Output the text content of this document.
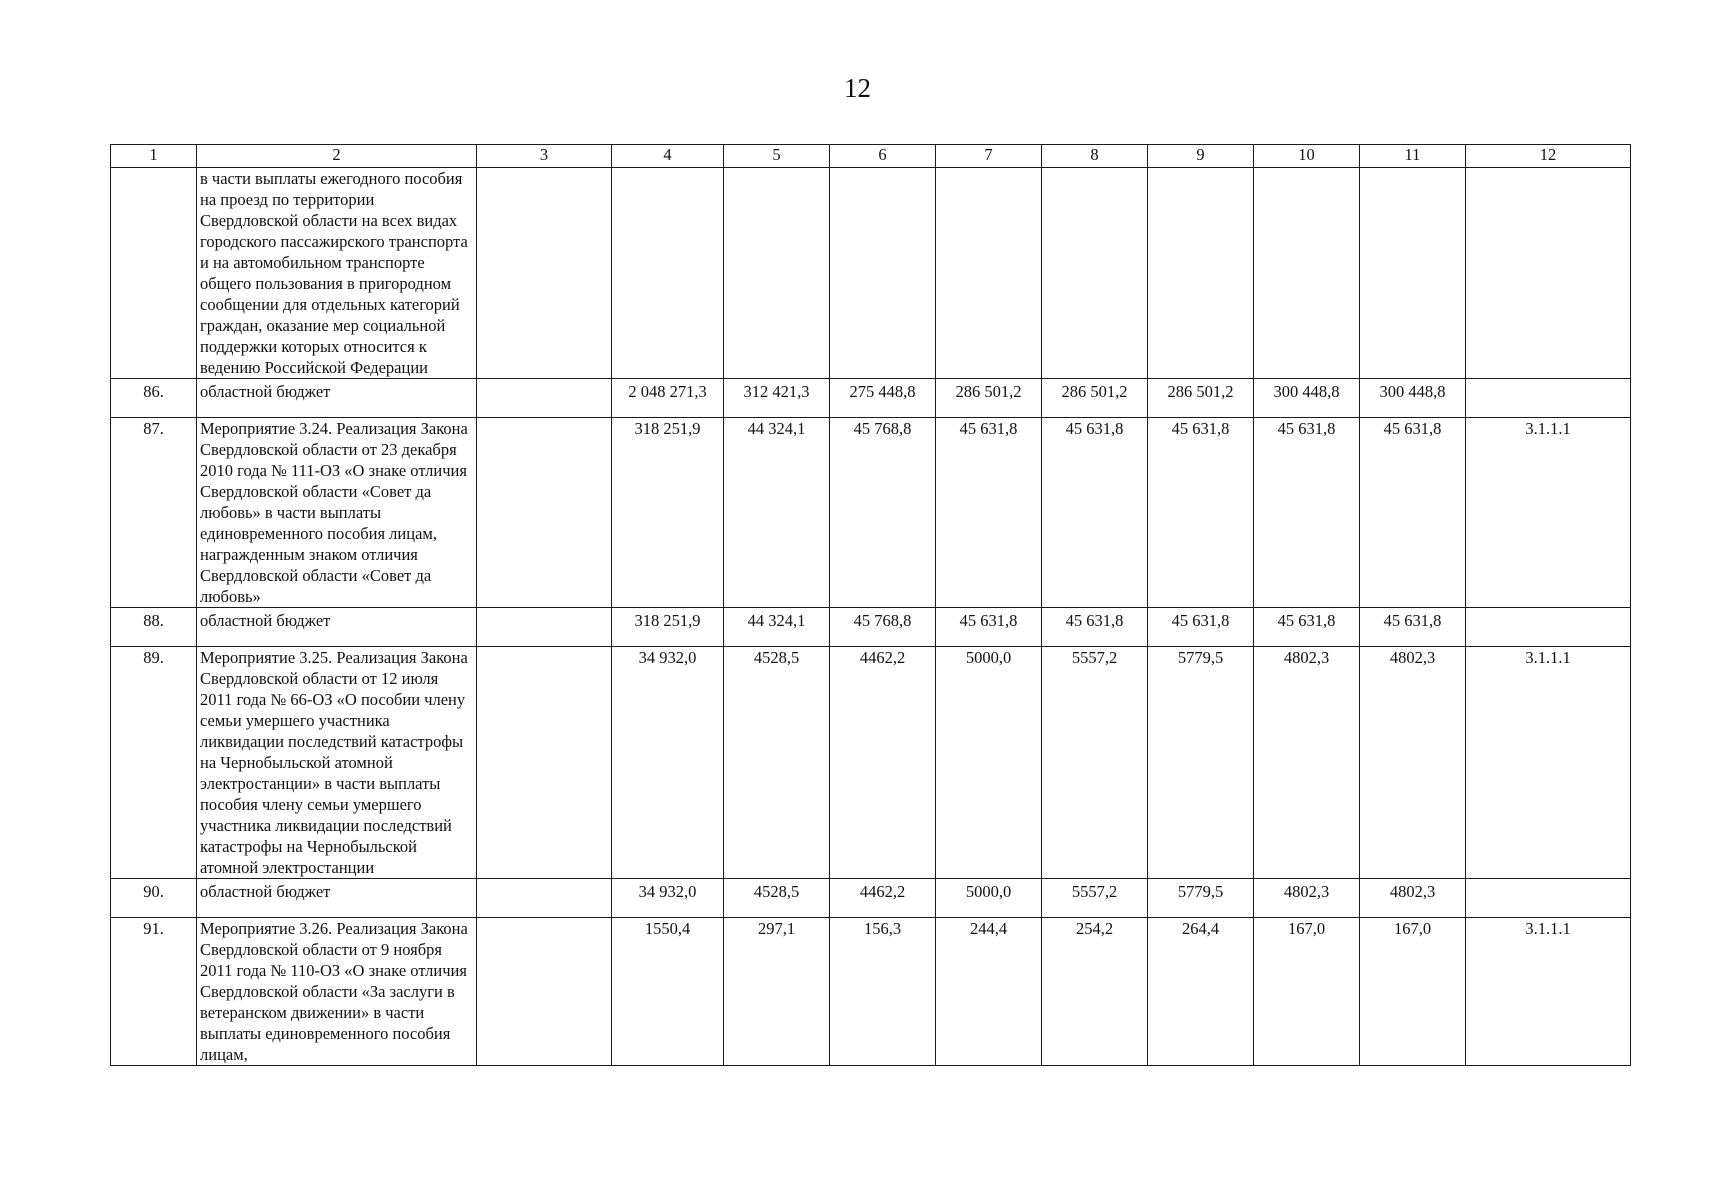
12
1	2	3	4	5	6	7	8	9	10	11	12
	в части выплаты ежегодного пособия на проезд по территории Свердловской области на всех видах городского пассажирского транспорта и на автомобильном транспорте общего пользования в пригородном сообщении для отдельных категорий граждан, оказание мер социальной поддержки которых относится к ведению Российской Федерации										
86.	областной бюджет		2 048 271,3	312 421,3	275 448,8	286 501,2	286 501,2	286 501,2	300 448,8	300 448,8	
87.	Мероприятие 3.24. Реализация Закона Свердловской области от 23 декабря 2010 года № 111-ОЗ «О знаке отличия Свердловской области «Совет да любовь» в части выплаты единовременного пособия лицам, награжденным знаком отличия Свердловской области «Совет да любовь»		318 251,9	44 324,1	45 768,8	45 631,8	45 631,8	45 631,8	45 631,8	45 631,8	3.1.1.1
88.	областной бюджет		318 251,9	44 324,1	45 768,8	45 631,8	45 631,8	45 631,8	45 631,8	45 631,8	
89.	Мероприятие 3.25. Реализация Закона Свердловской области от 12 июля 2011 года № 66-ОЗ «О пособии члену семьи умершего участника ликвидации последствий катастрофы на Чернобыльской атомной электростанции» в части выплаты пособия члену семьи умершего участника ликвидации последствий катастрофы на Чернобыльской атомной электростанции		34 932,0	4528,5	4462,2	5000,0	5557,2	5779,5	4802,3	4802,3	3.1.1.1
90.	областной бюджет		34 932,0	4528,5	4462,2	5000,0	5557,2	5779,5	4802,3	4802,3	
91.	Мероприятие 3.26. Реализация Закона Свердловской области от 9 ноября 2011 года № 110-ОЗ «О знаке отличия Свердловской области «За заслуги в ветеранском движении» в части выплаты единовременного пособия лицам,		1550,4	297,1	156,3	244,4	254,2	264,4	167,0	167,0	3.1.1.1
